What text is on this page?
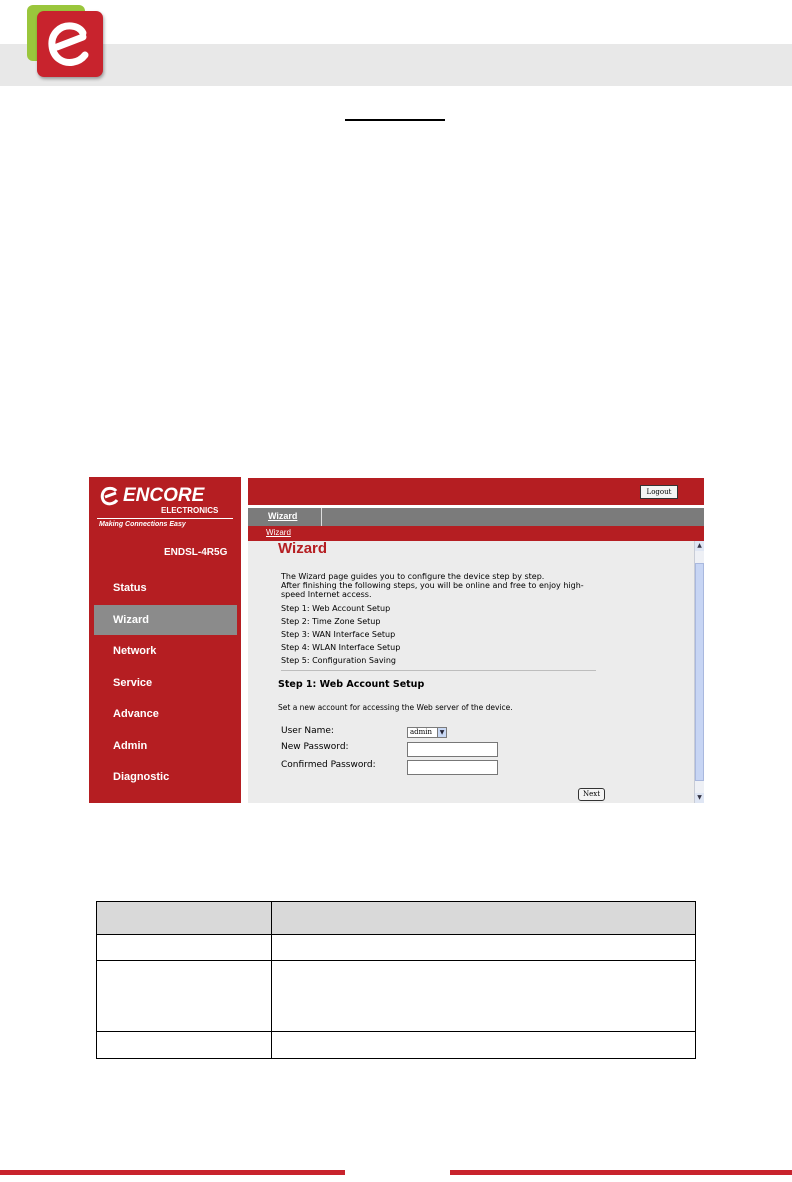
ENCORE
ELECTRONICS
Making Connections Easy
ENDSL-4R5G
Status
Wizard
Network
Service
Advance
Admin
Diagnostic
Logout
Wizard
Wizard
Wizard
The Wizard page guides you to configure the device step by step.
After finishing the following steps, you will be online and free to enjoy high-
speed Internet access.
Step 1: Web Account Setup
Step 2: Time Zone Setup
Step 3: WAN Interface Setup
Step 4: WLAN Interface Setup
Step 5: Configuration Saving
Step 1: Web Account Setup
Set a new account for accessing the Web server of the device.
User Name:	admin	▼
New Password:
Confirmed Password:
Next
▲
▼
